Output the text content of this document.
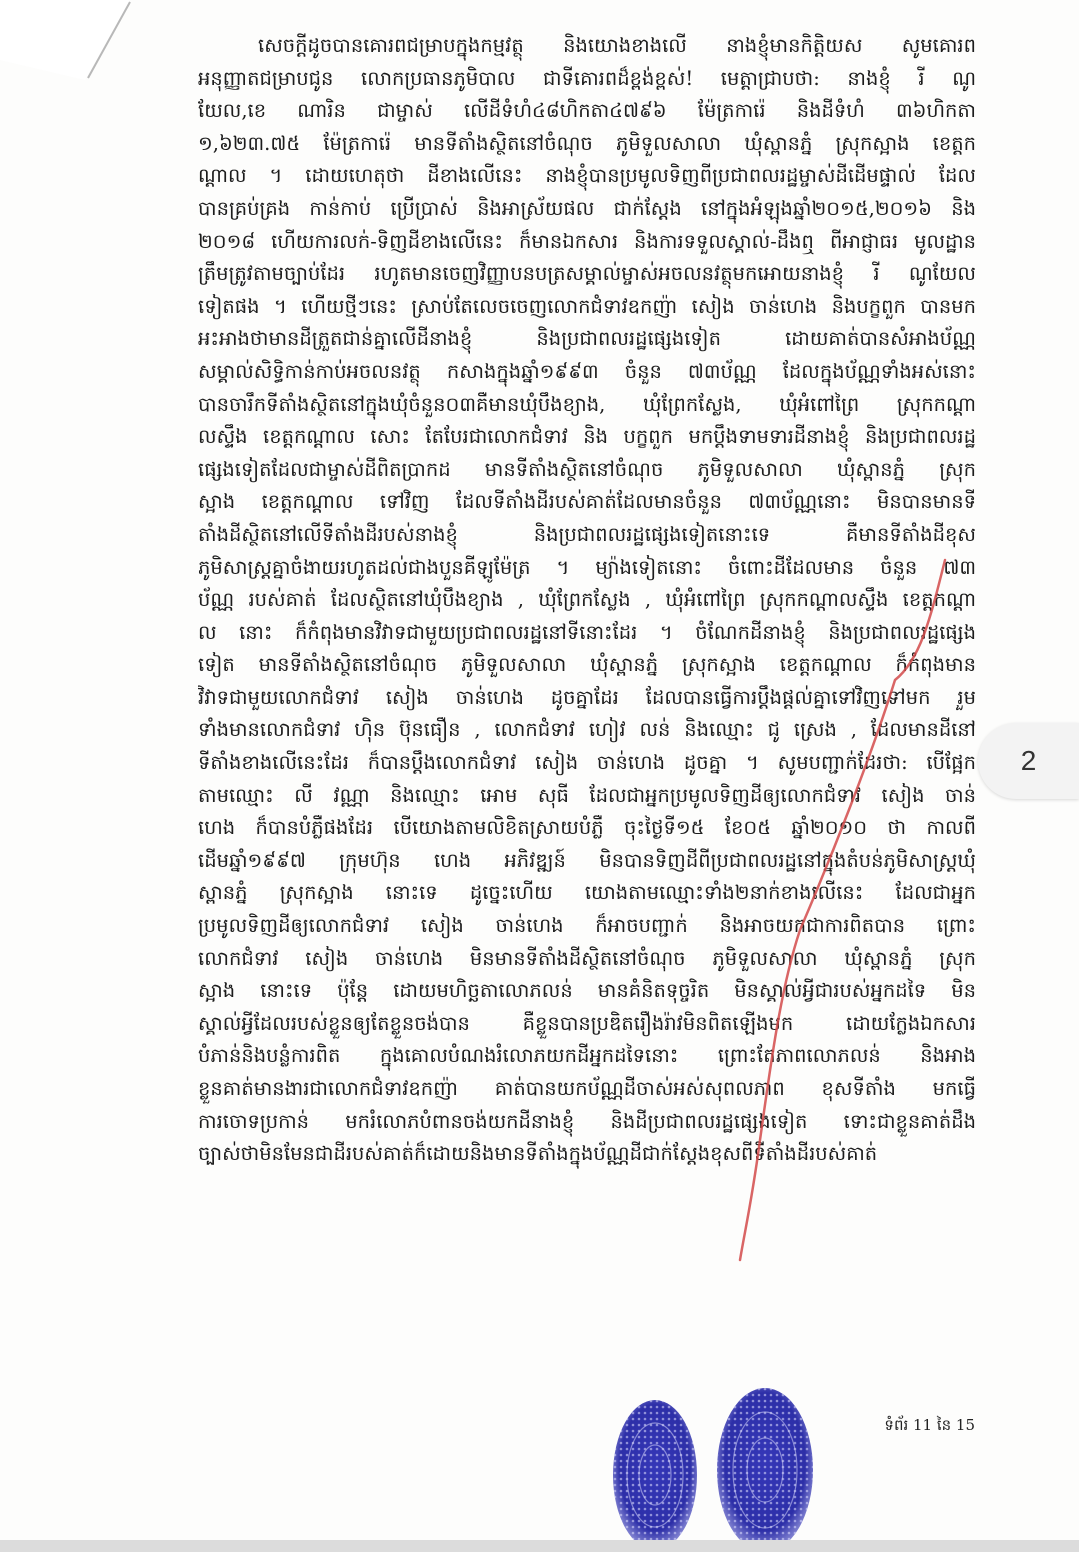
សេចក្តីដូចបានគោរពជម្រាបក្នុងកម្មវត្ថុ និងយោងខាងលើ នាងខ្ញុំមានកិត្តិយស សូមគោរព
អនុញ្ញាតជម្រាបជូន លោកប្រធានភូមិបាល ជាទីគោរពដ៏ខ្ពង់ខ្ពស់! មេត្តាជ្រាបថា: នាងខ្ញុំ រី ណូ
យែល,ខេ ណារិន ជាម្ចាស់ លើដីទំហំ៤៨ហិកតា៤៧៩៦ ម៉ែត្រការ៉េ និងដីទំហំ ៣៦ហិកតា
១,៦២៣.៧៥ ម៉ែត្រការ៉េ មានទីតាំងស្ថិតនៅចំណុច ភូមិទួលសាលា ឃុំស្ពានភ្នំ ស្រុកស្អាង ខេត្តក
ណ្តាល ។ ដោយហេតុថា ដីខាងលើនេះ នាងខ្ញុំបានប្រមូលទិញពីប្រជាពលរដ្ឋម្ចាស់ដីដើមផ្ទាល់ ដែល
បានគ្រប់គ្រង កាន់កាប់ ប្រើប្រាស់ និងអាស្រ័យផល ជាក់ស្តែង នៅក្នុងអំឡុងឆ្នាំ២០១៥,២០១៦ និង
២០១៨ ហើយការលក់-ទិញដីខាងលើនេះ ក៏មានឯកសារ និងការទទួលស្គាល់-ដឹងឮ ពីអាជ្ញាធរ មូលដ្ឋាន
ត្រឹមត្រូវតាមច្បាប់ដែរ រហូតមានចេញវិញ្ញាបនបត្រសម្គាល់ម្ចាស់អចលនវត្ថុមកអោយនាងខ្ញុំ រី ណូយែល
ទៀតផង ។ ហើយថ្មីៗនេះ ស្រាប់តែលេចចេញលោកជំទាវឧកញ៉ា សៀង ចាន់ហេង និងបក្ខពួក បានមក
អះអាងថាមានដីត្រួតជាន់គ្នាលើដីនាងខ្ញុំ និងប្រជាពលរដ្ឋផ្សេងទៀត ដោយគាត់បានសំអាងប័ណ្ណ
សម្គាល់សិទ្ធិកាន់កាប់អចលនវត្ថុ កសាងក្នុងឆ្នាំ១៩៩៣ ចំនួន ៧៣ប័ណ្ណ ដែលក្នុងប័ណ្ណទាំងអស់នោះ
បានចារឹកទីតាំងស្ថិតនៅក្នុងឃុំចំនួន០៣គឺមានឃុំបឹងខ្យាង, ឃុំព្រែកស្លែង, ឃុំអំពៅព្រៃ ស្រុកកណ្តា
លស្ទឹង ខេត្តកណ្តាល សោះ តែបែរជាលោកជំទាវ និង បក្ខពួក មកប្តឹងទាមទារដីនាងខ្ញុំ និងប្រជាពលរដ្ឋ
ផ្សេងទៀតដែលជាម្ចាស់ដីពិតប្រាកដ មានទីតាំងស្ថិតនៅចំណុច ភូមិទួលសាលា ឃុំស្ពានភ្នំ ស្រុក
ស្អាង ខេត្តកណ្តាល ទៅវិញ ដែលទីតាំងដីរបស់គាត់ដែលមានចំនួន ៧៣ប័ណ្ណនោះ មិនបានមានទី
តាំងដីស្ថិតនៅលើទីតាំងដីរបស់នាងខ្ញុំ និងប្រជាពលរដ្ឋផ្សេងទៀតនោះទេ គឺមានទីតាំងដីខុស
ភូមិសាស្ត្រគ្នាចំងាយរហូតដល់ជាងបួនគីឡូម៉ែត្រ ។ ម្យ៉ាងទៀតនោះ ចំពោះដីដែលមាន ចំនួន ៧៣
ប័ណ្ណ របស់គាត់ ដែលស្ថិតនៅឃុំបឹងខ្យាង , ឃុំព្រែកស្លែង , ឃុំអំពៅព្រៃ ស្រុកកណ្តាលស្ទឹង ខេត្តកណ្តា
ល នោះ ក៏កំពុងមានវិវាទជាមួយប្រជាពលរដ្ឋនៅទីនោះដែរ ។ ចំណែកដីនាងខ្ញុំ និងប្រជាពលរដ្ឋផ្សេង
ទៀត មានទីតាំងស្ថិតនៅចំណុច ភូមិទួលសាលា ឃុំស្ពានភ្នំ ស្រុកស្អាង ខេត្តកណ្តាល ក៏កំពុងមាន
វិវាទជាមួយលោកជំទាវ សៀង ចាន់ហេង ដូចគ្នាដែរ ដែលបានធ្វើការប្តឹងផ្តល់គ្នាទៅវិញទៅមក រួម
ទាំងមានលោកជំទាវ ហ៊ិន ប៊ុនធឿន , លោកជំទាវ ហៀវ លន់ និងឈ្មោះ ជូ ស្រេង , ដែលមានដីនៅ
ទីតាំងខាងលើនេះដែរ ក៏បានប្តឹងលោកជំទាវ សៀង ចាន់ហេង ដូចគ្នា ។ សូមបញ្ជាក់ដែរថា: បើផ្អែក
តាមឈ្មោះ លី វណ្ណា និងឈ្មោះ អោម សុធី ដែលជាអ្នកប្រមូលទិញដីឲ្យលោកជំទាវ សៀង ចាន់
ហេង ក៏បានបំភ្លឺផងដែរ បើយោងតាមលិខិតស្រាយបំភ្លឺ ចុះថ្ងៃទី១៥ ខែ០៥ ឆ្នាំ២០១០ ថា កាលពី
ដើមឆ្នាំ១៩៩៧ ក្រុមហ៊ុន ហេង អភិវឌ្ឍន៍ មិនបានទិញដីពីប្រជាពលរដ្ឋនៅក្នុងតំបន់ភូមិសាស្ត្រឃុំ
ស្ពានភ្នំ ស្រុកស្អាង នោះទេ ដូច្នេះហើយ យោងតាមឈ្មោះទាំង២នាក់ខាងលើនេះ ដែលជាអ្នក
ប្រមូលទិញដីឲ្យលោកជំទាវ សៀង ចាន់ហេង ក៏អាចបញ្ជាក់ និងអាចយកជាការពិតបាន ព្រោះ
លោកជំទាវ សៀង ចាន់ហេង មិនមានទីតាំងដីស្ថិតនៅចំណុច ភូមិទួលសាលា ឃុំស្ពានភ្នំ ស្រុក
ស្អាង នោះទេ ប៉ុន្តែ ដោយមហិច្ឆតាលោភលន់ មានគំនិតទុច្ចរិត មិនស្គាល់អ្វីជារបស់អ្នកដទៃ មិន
ស្គាល់អ្វីដែលរបស់ខ្លួនឲ្យតែខ្លួនចង់បាន គឺខ្លួនបានប្រឌិតរឿងរ៉ាវមិនពិតឡើងមក ដោយក្លែងឯកសារ
បំភាន់និងបន្លំការពិត ក្នុងគោលបំណងរំលោភយកដីអ្នកដទៃនោះ ព្រោះតែភាពលោភលន់ និងអាង
ខ្លួនគាត់មានងារជាលោកជំទាវឧកញ៉ា គាត់បានយកប័ណ្ណដីចាស់អស់សុពលភាព ខុសទីតាំង មកធ្វើ
ការចោទប្រកាន់ មករំលោភបំពានចង់យកដីនាងខ្ញុំ និងដីប្រជាពលរដ្ឋផ្សេងទៀត ទោះជាខ្លួនគាត់ដឹង
ច្បាស់ថាមិនមែនជាដីរបស់គាត់ក៏ដោយនិងមានទីតាំងក្នុងប័ណ្ណដីជាក់ស្តែងខុសពីទីតាំងដីរបស់គាត់
ទំព័រ 11 នៃ 15
2
